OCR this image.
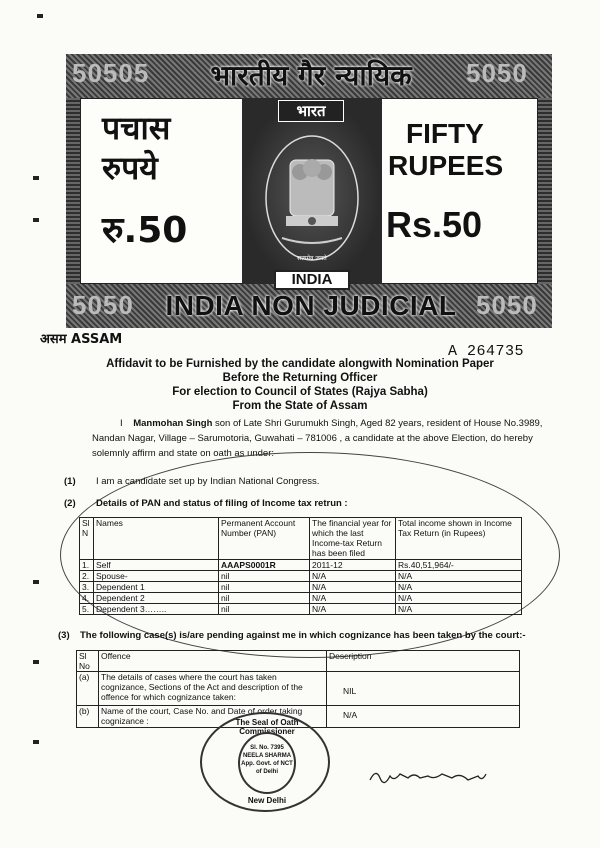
50505	5050
भारतीय गैर न्यायिक
पचास
रुपये
रु.50
भारत
सत्यमेव जयते
INDIA
FIFTY
RUPEES
Rs.50
5050	5050
INDIA NON JUDICIAL
असम ASSAM
A 264735
Affidavit to be Furnished by the candidate alongwith Nomination Paper
Before the Returning Officer
For election to Council of States (Rajya Sabha)
From the State of Assam
I Manmohan Singh son of Late Shri Gurumukh Singh, Aged 82 years, resident of House No.3989, Nandan Nagar, Village – Sarumotoria, Guwahati – 781006 , a candidate at the above Election, do hereby solemnly affirm and state on oath as under:
(1) I am a candidate set up by Indian National Congress.
(2) Details of PAN and status of filing of Income tax retrun :
Sl N	Names	Permanent Account Number (PAN)	The financial year for which the last Income-tax Return has been filed	Total income shown in Income Tax Return (in Rupees)
1.	Self	AAAPS0001R	2011-12	Rs.40,51,964/-
2.	Spouse-	nil	N/A	N/A
3.	Dependent 1	nil	N/A	N/A
4.	Dependent 2	nil	N/A	N/A
5.	Dependent 3……..	nil	N/A	N/A
(3) The following case(s) is/are pending against me in which cognizance has been taken by the court:-
Sl No	Offence	Description
(a)	The details of cases where the court has taken cognizance, Sections of the Act and description of the offence for which cognizance taken:	NIL
(b)	Name of the court, Case No. and Date of order taking cognizance :	N/A
The Seal of Oath Commissioner
Sl. No. 7395 NEELA SHARMA App. Govt. of NCT of Delhi
New Delhi
